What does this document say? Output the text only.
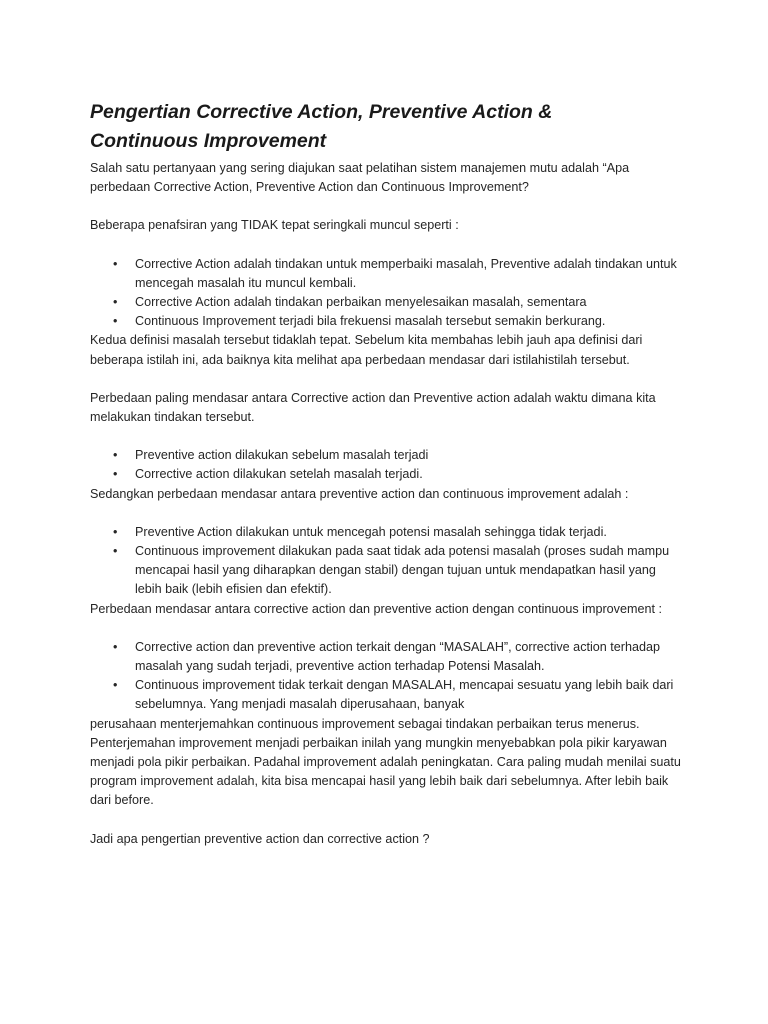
Pengertian Corrective Action, Preventive Action &
Continuous Improvement

Salah satu pertanyaan yang sering diajukan saat pelatihan sistem manajemen mutu adalah “Apa perbedaan Corrective Action, Preventive Action dan Continuous Improvement?

Beberapa penafsiran yang TIDAK tepat seringkali muncul seperti :

• Corrective Action adalah tindakan untuk memperbaiki masalah, Preventive adalah tindakan untuk mencegah masalah itu muncul kembali.
• Corrective Action adalah tindakan perbaikan menyelesaikan masalah, sementara
• Continuous Improvement terjadi bila frekuensi masalah tersebut semakin berkurang.

Kedua definisi masalah tersebut tidaklah tepat. Sebelum kita membahas lebih jauh apa definisi dari beberapa istilah ini, ada baiknya kita melihat apa perbedaan mendasar dari istilahistilah tersebut.

Perbedaan paling mendasar antara Corrective action dan Preventive action adalah waktu dimana kita melakukan tindakan tersebut.

• Preventive action dilakukan sebelum masalah terjadi
• Corrective action dilakukan setelah masalah terjadi.

Sedangkan perbedaan mendasar antara preventive action dan continuous improvement adalah :

• Preventive Action dilakukan untuk mencegah potensi masalah sehingga tidak terjadi.
• Continuous improvement dilakukan pada saat tidak ada potensi masalah (proses sudah mampu mencapai hasil yang diharapkan dengan stabil) dengan tujuan untuk mendapatkan hasil yang lebih baik (lebih efisien dan efektif).

Perbedaan mendasar antara corrective action dan preventive action dengan continuous improvement :

• Corrective action dan preventive action terkait dengan “MASALAH”, corrective action terhadap masalah yang sudah terjadi, preventive action terhadap Potensi Masalah.
• Continuous improvement tidak terkait dengan MASALAH, mencapai sesuatu yang lebih baik dari sebelumnya. Yang menjadi masalah diperusahaan, banyak

perusahaan menterjemahkan continuous improvement sebagai tindakan perbaikan terus menerus. Penterjemahan improvement menjadi perbaikan inilah yang mungkin menyebabkan pola pikir karyawan menjadi pola pikir perbaikan. Padahal improvement adalah peningkatan. Cara paling mudah menilai suatu program improvement adalah, kita bisa mencapai hasil yang lebih baik dari sebelumnya. After lebih baik dari before.

Jadi apa pengertian preventive action dan corrective action ?
